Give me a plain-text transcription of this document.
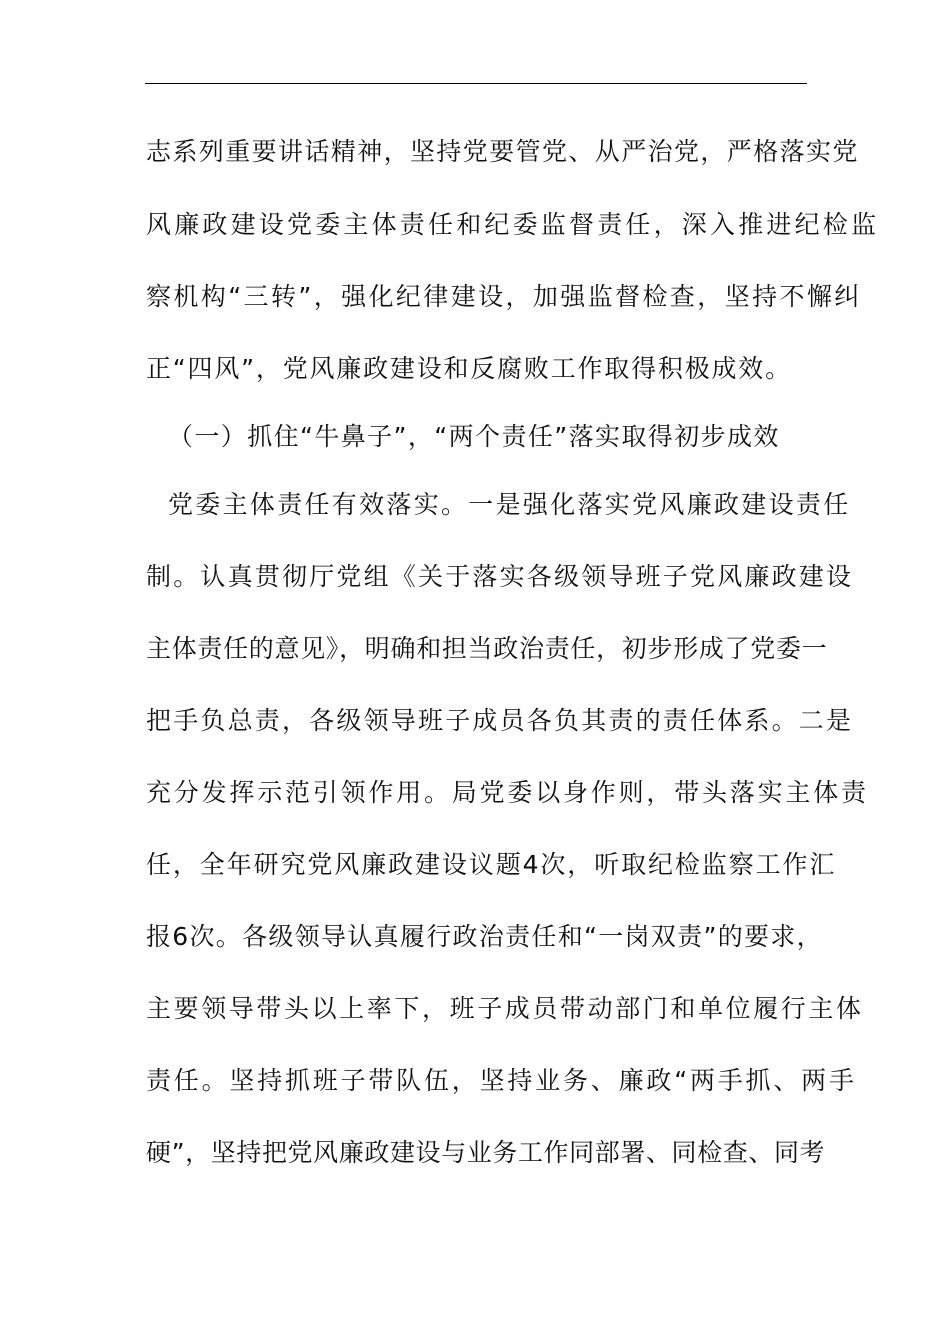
志系列重要讲话精神，坚持党要管党、从严治党，严格落实党
风廉政建设党委主体责任和纪委监督责任，深入推进纪检监
察机构“三转”，强化纪律建设，加强监督检查，坚持不懈纠
正“四风”，党风廉政建设和反腐败工作取得积极成效。
（一）抓住“牛鼻子”，“两个责任”落实取得初步成效
党委主体责任有效落实。一是强化落实党风廉政建设责任
制。认真贯彻厅党组《关于落实各级领导班子党风廉政建设
主体责任的意见》，明确和担当政治责任，初步形成了党委一
把手负总责，各级领导班子成员各负其责的责任体系。二是
充分发挥示范引领作用。局党委以身作则，带头落实主体责
任，全年研究党风廉政建设议题4次，听取纪检监察工作汇
报6次。各级领导认真履行政治责任和“一岗双责”的要求，
主要领导带头以上率下，班子成员带动部门和单位履行主体
责任。坚持抓班子带队伍，坚持业务、廉政“两手抓、两手
硬”，坚持把党风廉政建设与业务工作同部署、同检查、同考
